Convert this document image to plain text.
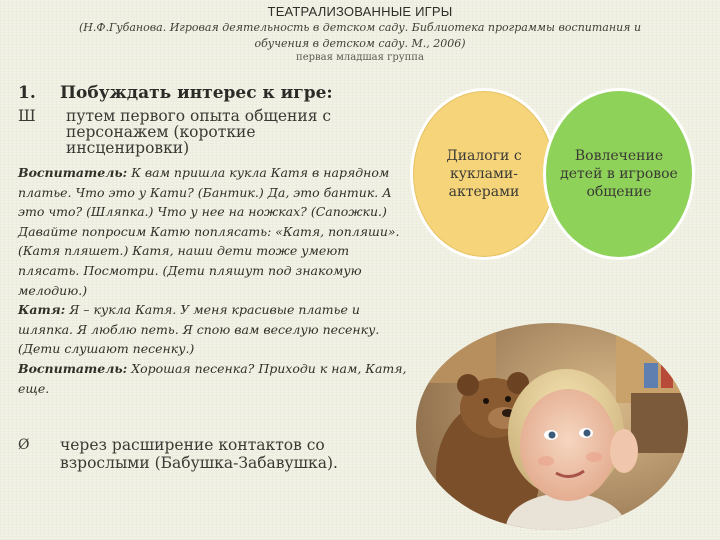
ТЕАТРАЛИЗОВАННЫЕ ИГРЫ
(Н.Ф.Губанова. Игровая деятельность в детском саду. Библиотека программы воспитания и
обучения в детском саду. М., 2006)
первая младшая группа
1. Побуждать интерес к игре:
Ш путем первого опыта общения с персонажем (короткие инсценировки)

Воспитатель: К вам пришла кукла Катя в нарядном платье. Что это у Кати? (Бантик.) Да, это бантик. А это что? (Шляпка.) Что у нее на ножках? (Сапожки.) Давайте попросим Катю поплясать: «Катя, попляши». (Катя пляшет.) Катя, наши дети тоже умеют плясать. Посмотри. (Дети пляшут под знакомую мелодию.)

Катя: Я – кукла Катя. У меня красивые платье и шляпка. Я люблю петь. Я спою вам веселую песенку. (Дети слушают песенку.)

Воспитатель: Хорошая песенка? Приходи к нам, Катя, еще.

Ø через расширение контактов со взрослыми (Бабушка-Забавушка).
Диалоги с куклами-актерами
Вовлечение детей в игровое общение
